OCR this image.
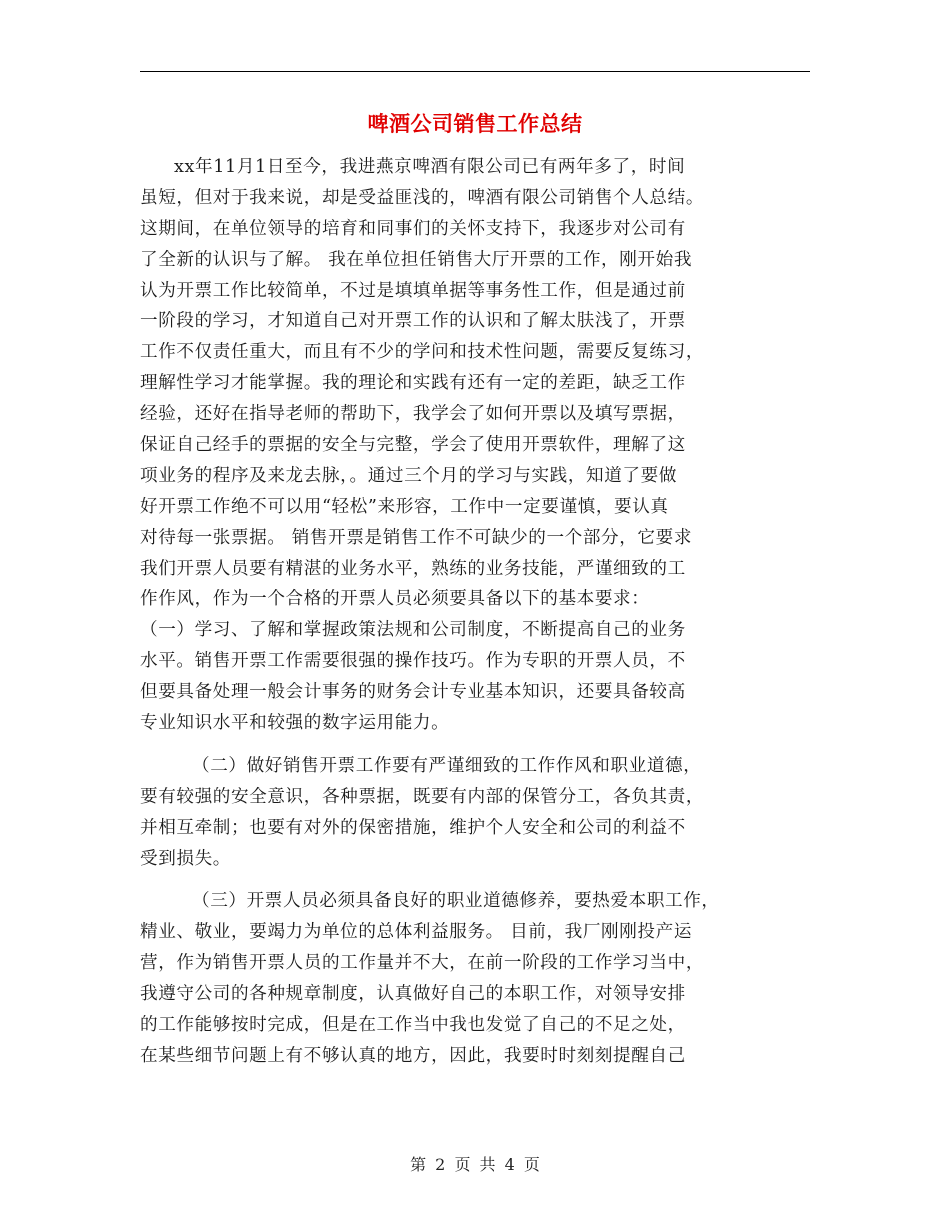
啤酒公司销售工作总结
xx年11月1日至今，我进燕京啤酒有限公司已有两年多了，时间
虽短，但对于我来说，却是受益匪浅的，啤酒有限公司销售个人总结。
这期间，在单位领导的培育和同事们的关怀支持下，我逐步对公司有
了全新的认识与了解。 我在单位担任销售大厅开票的工作，刚开始我
认为开票工作比较简单，不过是填填单据等事务性工作，但是通过前
一阶段的学习，才知道自己对开票工作的认识和了解太肤浅了，开票
工作不仅责任重大，而且有不少的学问和技术性问题，需要反复练习，
理解性学习才能掌握。我的理论和实践有还有一定的差距，缺乏工作
经验，还好在指导老师的帮助下，我学会了如何开票以及填写票据，
保证自己经手的票据的安全与完整，学会了使用开票软件，理解了这
项业务的程序及来龙去脉，。通过三个月的学习与实践，知道了要做
好开票工作绝不可以用“轻松”来形容，工作中一定要谨慎，要认真
对待每一张票据。 销售开票是销售工作不可缺少的一个部分，它要求
我们开票人员要有精湛的业务水平，熟练的业务技能，严谨细致的工
作作风，作为一个合格的开票人员必须要具备以下的基本要求：
（一）学习、了解和掌握政策法规和公司制度，不断提高自己的业务
水平。销售开票工作需要很强的操作技巧。作为专职的开票人员，不
但要具备处理一般会计事务的财务会计专业基本知识，还要具备较高
专业知识水平和较强的数字运用能力。
（二）做好销售开票工作要有严谨细致的工作作风和职业道德，
要有较强的安全意识，各种票据，既要有内部的保管分工，各负其责，
并相互牵制；也要有对外的保密措施，维护个人安全和公司的利益不
受到损失。
（三）开票人员必须具备良好的职业道德修养，要热爱本职工作，
精业、敬业，要竭力为单位的总体利益服务。 目前，我厂刚刚投产运
营，作为销售开票人员的工作量并不大，在前一阶段的工作学习当中，
我遵守公司的各种规章制度，认真做好自己的本职工作，对领导安排
的工作能够按时完成，但是在工作当中我也发觉了自己的不足之处，
在某些细节问题上有不够认真的地方，因此，我要时时刻刻提醒自己
第 2 页 共 4 页
